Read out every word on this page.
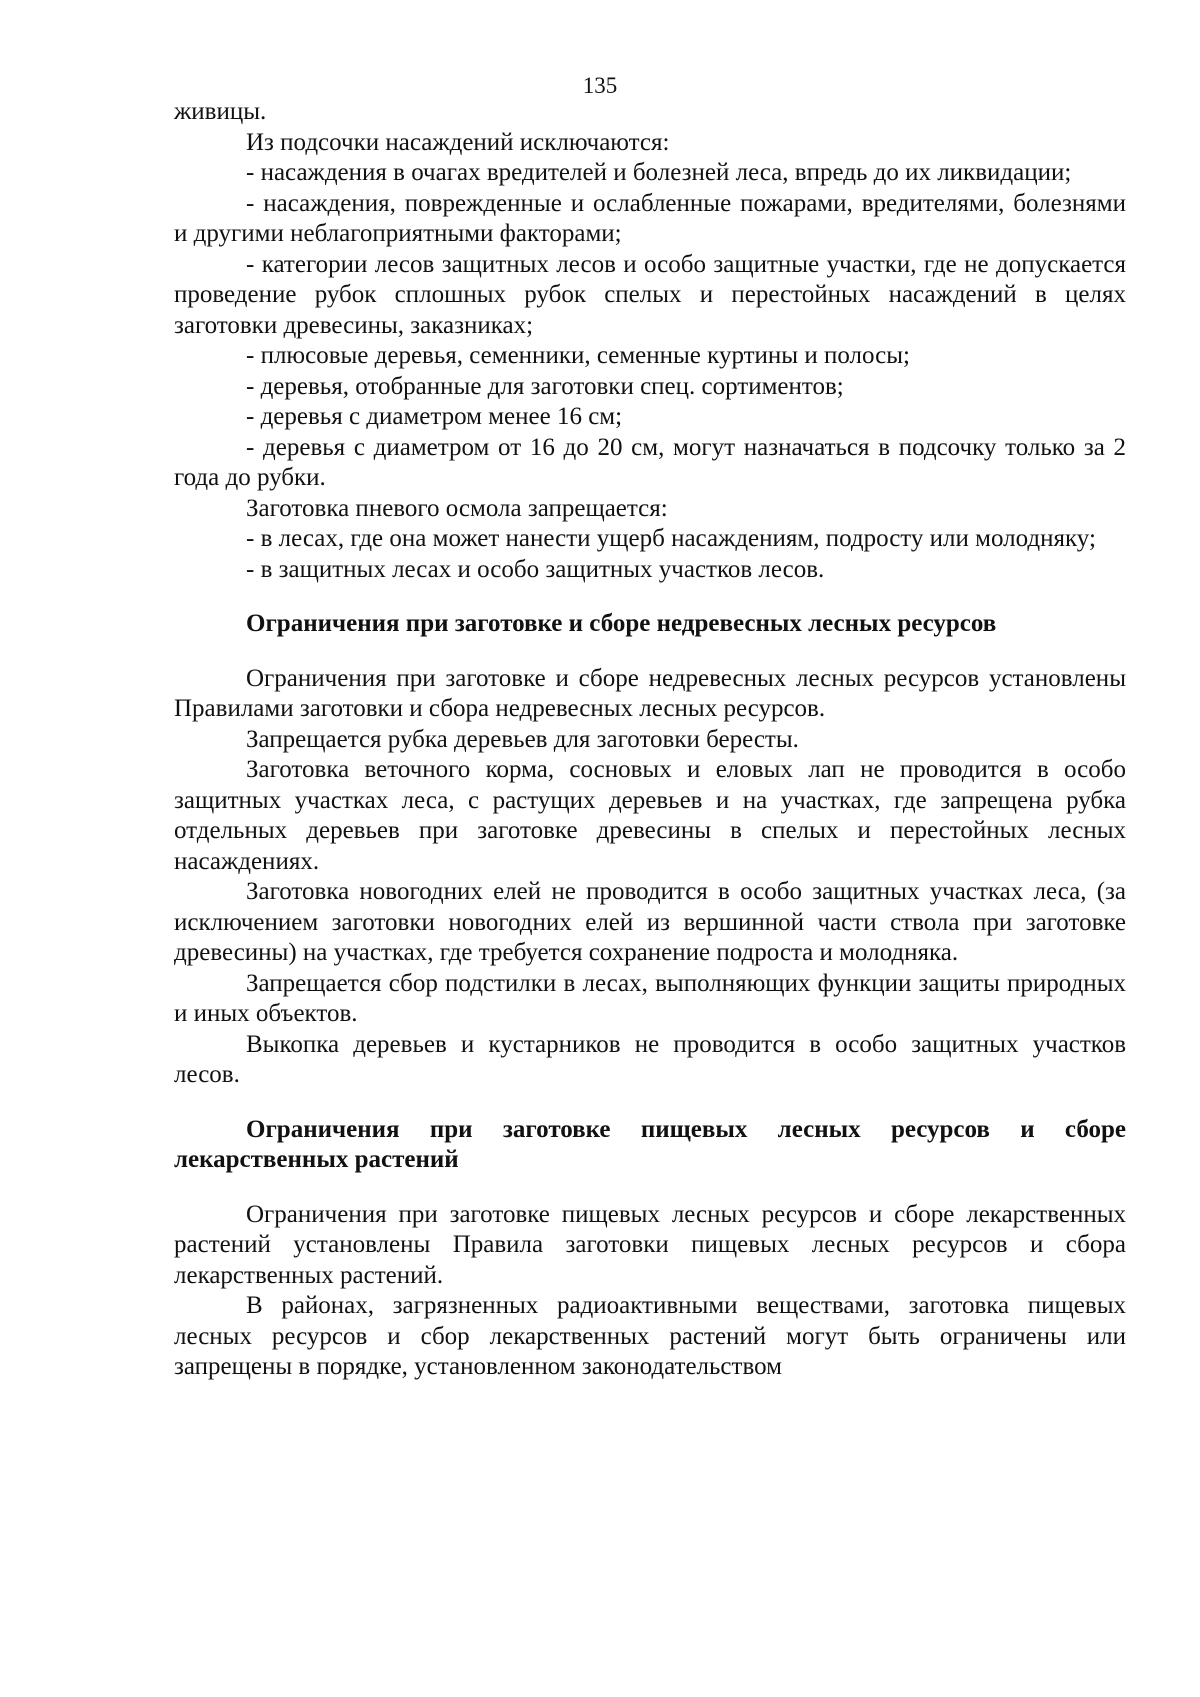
135

живицы.

Из подсочки насаждений исключаются:

- насаждения в очагах вредителей и болезней леса, впредь до их ликвидации;

- насаждения, поврежденные и ослабленные пожарами, вредителями, болезнями и другими неблагоприятными факторами;

- категории лесов защитных лесов и особо защитные участки, где не допускается проведение рубок сплошных рубок спелых и перестойных насаждений в целях заготовки древесины, заказниках;

- плюсовые деревья, семенники, семенные куртины и полосы;

- деревья, отобранные для заготовки спец. сортиментов;

- деревья с диаметром менее 16 см;

- деревья с диаметром от 16 до 20 см, могут назначаться в подсочку только за 2 года до рубки.

Заготовка пневого осмола запрещается:

- в лесах, где она может нанести ущерб насаждениям, подросту или молодняку;

- в защитных лесах и особо защитных участков лесов.

Ограничения при заготовке и сборе недревесных лесных ресурсов

Ограничения при заготовке и сборе недревесных лесных ресурсов установлены Правилами заготовки и сбора недревесных лесных ресурсов.

Запрещается рубка деревьев для заготовки бересты.

Заготовка веточного корма, сосновых и еловых лап не проводится в особо защитных участках леса, с растущих деревьев и на участках, где запрещена рубка отдельных деревьев при заготовке древесины в спелых и перестойных лесных насаждениях.

Заготовка новогодних елей не проводится в особо защитных участках леса, (за исключением заготовки новогодних елей из вершинной части ствола при заготовке древесины) на участках, где требуется сохранение подроста и молодняка.

Запрещается сбор подстилки в лесах, выполняющих функции защиты природных и иных объектов.

Выкопка деревьев и кустарников не проводится в особо защитных участков лесов.

Ограничения при заготовке пищевых лесных ресурсов и сборе лекарственных растений

Ограничения при заготовке пищевых лесных ресурсов и сборе лекарственных растений установлены Правила заготовки пищевых лесных ресурсов и сбора лекарственных растений.

В районах, загрязненных радиоактивными веществами, заготовка пищевых лесных ресурсов и сбор лекарственных растений могут быть ограничены или запрещены в порядке, установленном законодательством
